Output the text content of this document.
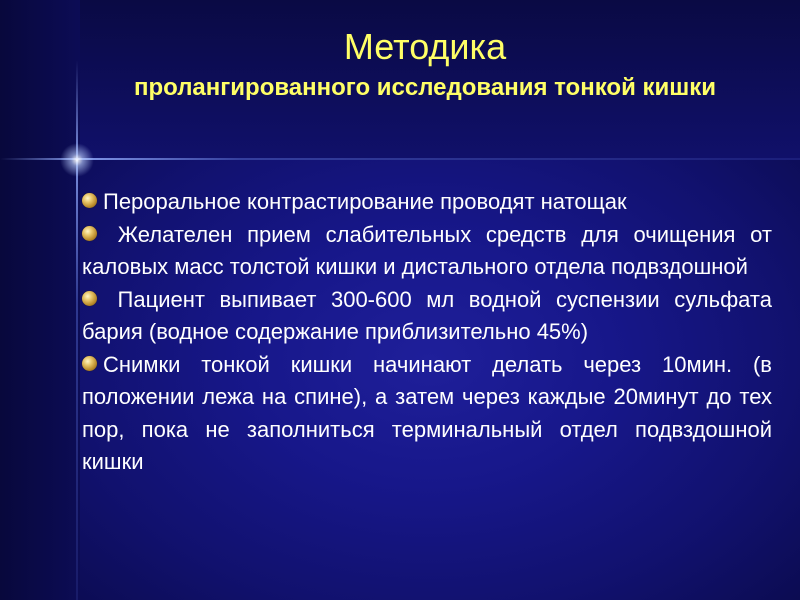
Методика
пролангированного исследования тонкой кишки

Пероральное контрастирование проводят натощак

Желателен прием слабительных средств для очищения от каловых масс толстой кишки и дистального отдела подвздошной

Пациент выпивает 300-600 мл водной суспензии сульфата бария (водное содержание приблизительно 45%)

Снимки тонкой кишки начинают делать через 10мин. (в положении лежа на спине), а затем через каждые 20минут до тех пор, пока не заполниться терминальный отдел подвздошной кишки
